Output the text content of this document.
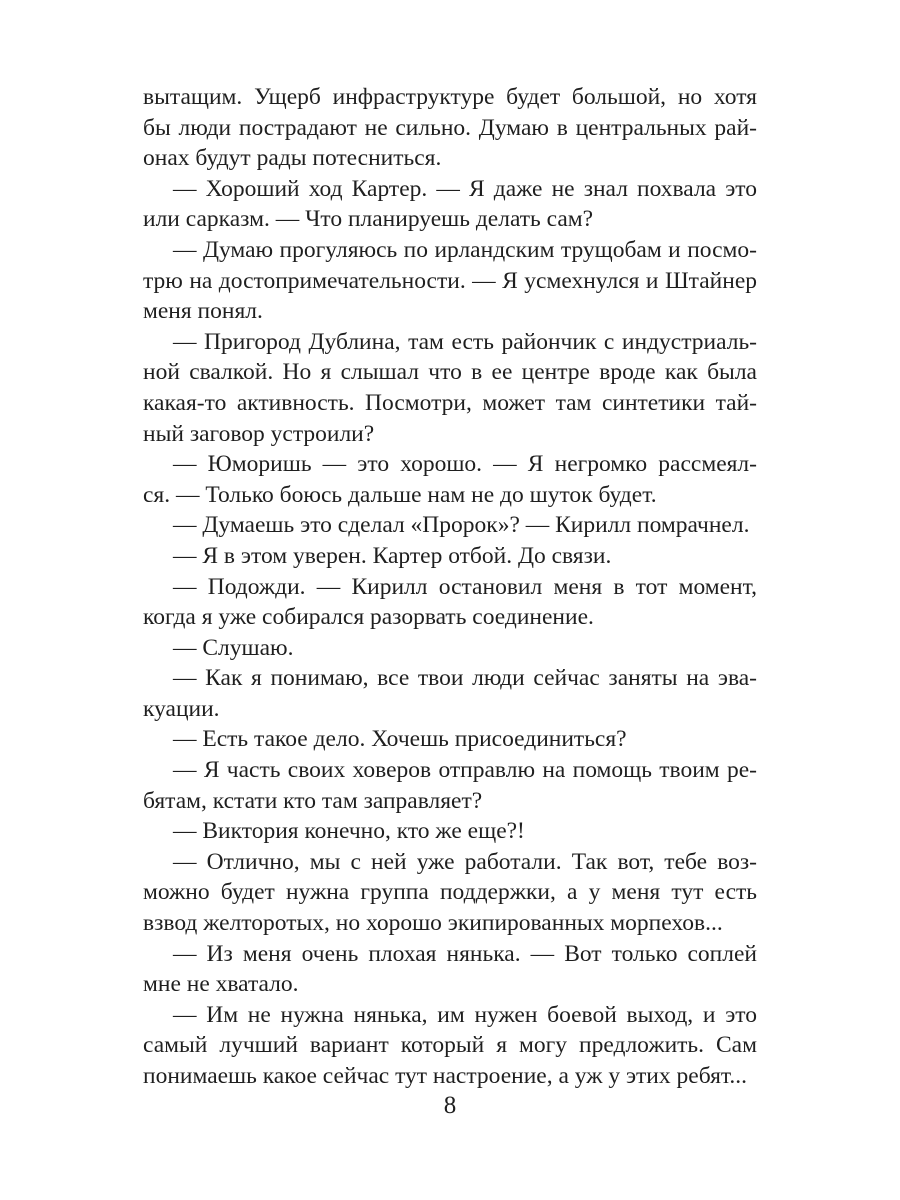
вытащим. Ущерб инфраструктуре будет большой, но хотя
бы люди пострадают не сильно. Думаю в центральных рай-
онах будут рады потесниться.
— Хороший ход Картер. — Я даже не знал похвала это
или сарказм. — Что планируешь делать сам?
— Думаю прогуляюсь по ирландским трущобам и посмо-
трю на достопримечательности. — Я усмехнулся и Штайнер
меня понял.
— Пригород Дублина, там есть райончик с индустриаль-
ной свалкой. Но я слышал что в ее центре вроде как была
какая-то активность. Посмотри, может там синтетики тай-
ный заговор устроили?
— Юморишь — это хорошо. — Я негромко рассмеял-
ся. — Только боюсь дальше нам не до шуток будет.
— Думаешь это сделал «Пророк»? — Кирилл помрачнел.
— Я в этом уверен. Картер отбой. До связи.
— Подожди. — Кирилл остановил меня в тот момент,
когда я уже собирался разорвать соединение.
— Слушаю.
— Как я понимаю, все твои люди сейчас заняты на эва-
куации.
— Есть такое дело. Хочешь присоединиться?
— Я часть своих ховеров отправлю на помощь твоим ре-
бятам, кстати кто там заправляет?
— Виктория конечно, кто же еще?!
— Отлично, мы с ней уже работали. Так вот, тебе воз-
можно будет нужна группа поддержки, а у меня тут есть
взвод желторотых, но хорошо экипированных морпехов...
— Из меня очень плохая нянька. — Вот только соплей
мне не хватало.
— Им не нужна нянька, им нужен боевой выход, и это
самый лучший вариант который я могу предложить. Сам
понимаешь какое сейчас тут настроение, а уж у этих ребят...
8
